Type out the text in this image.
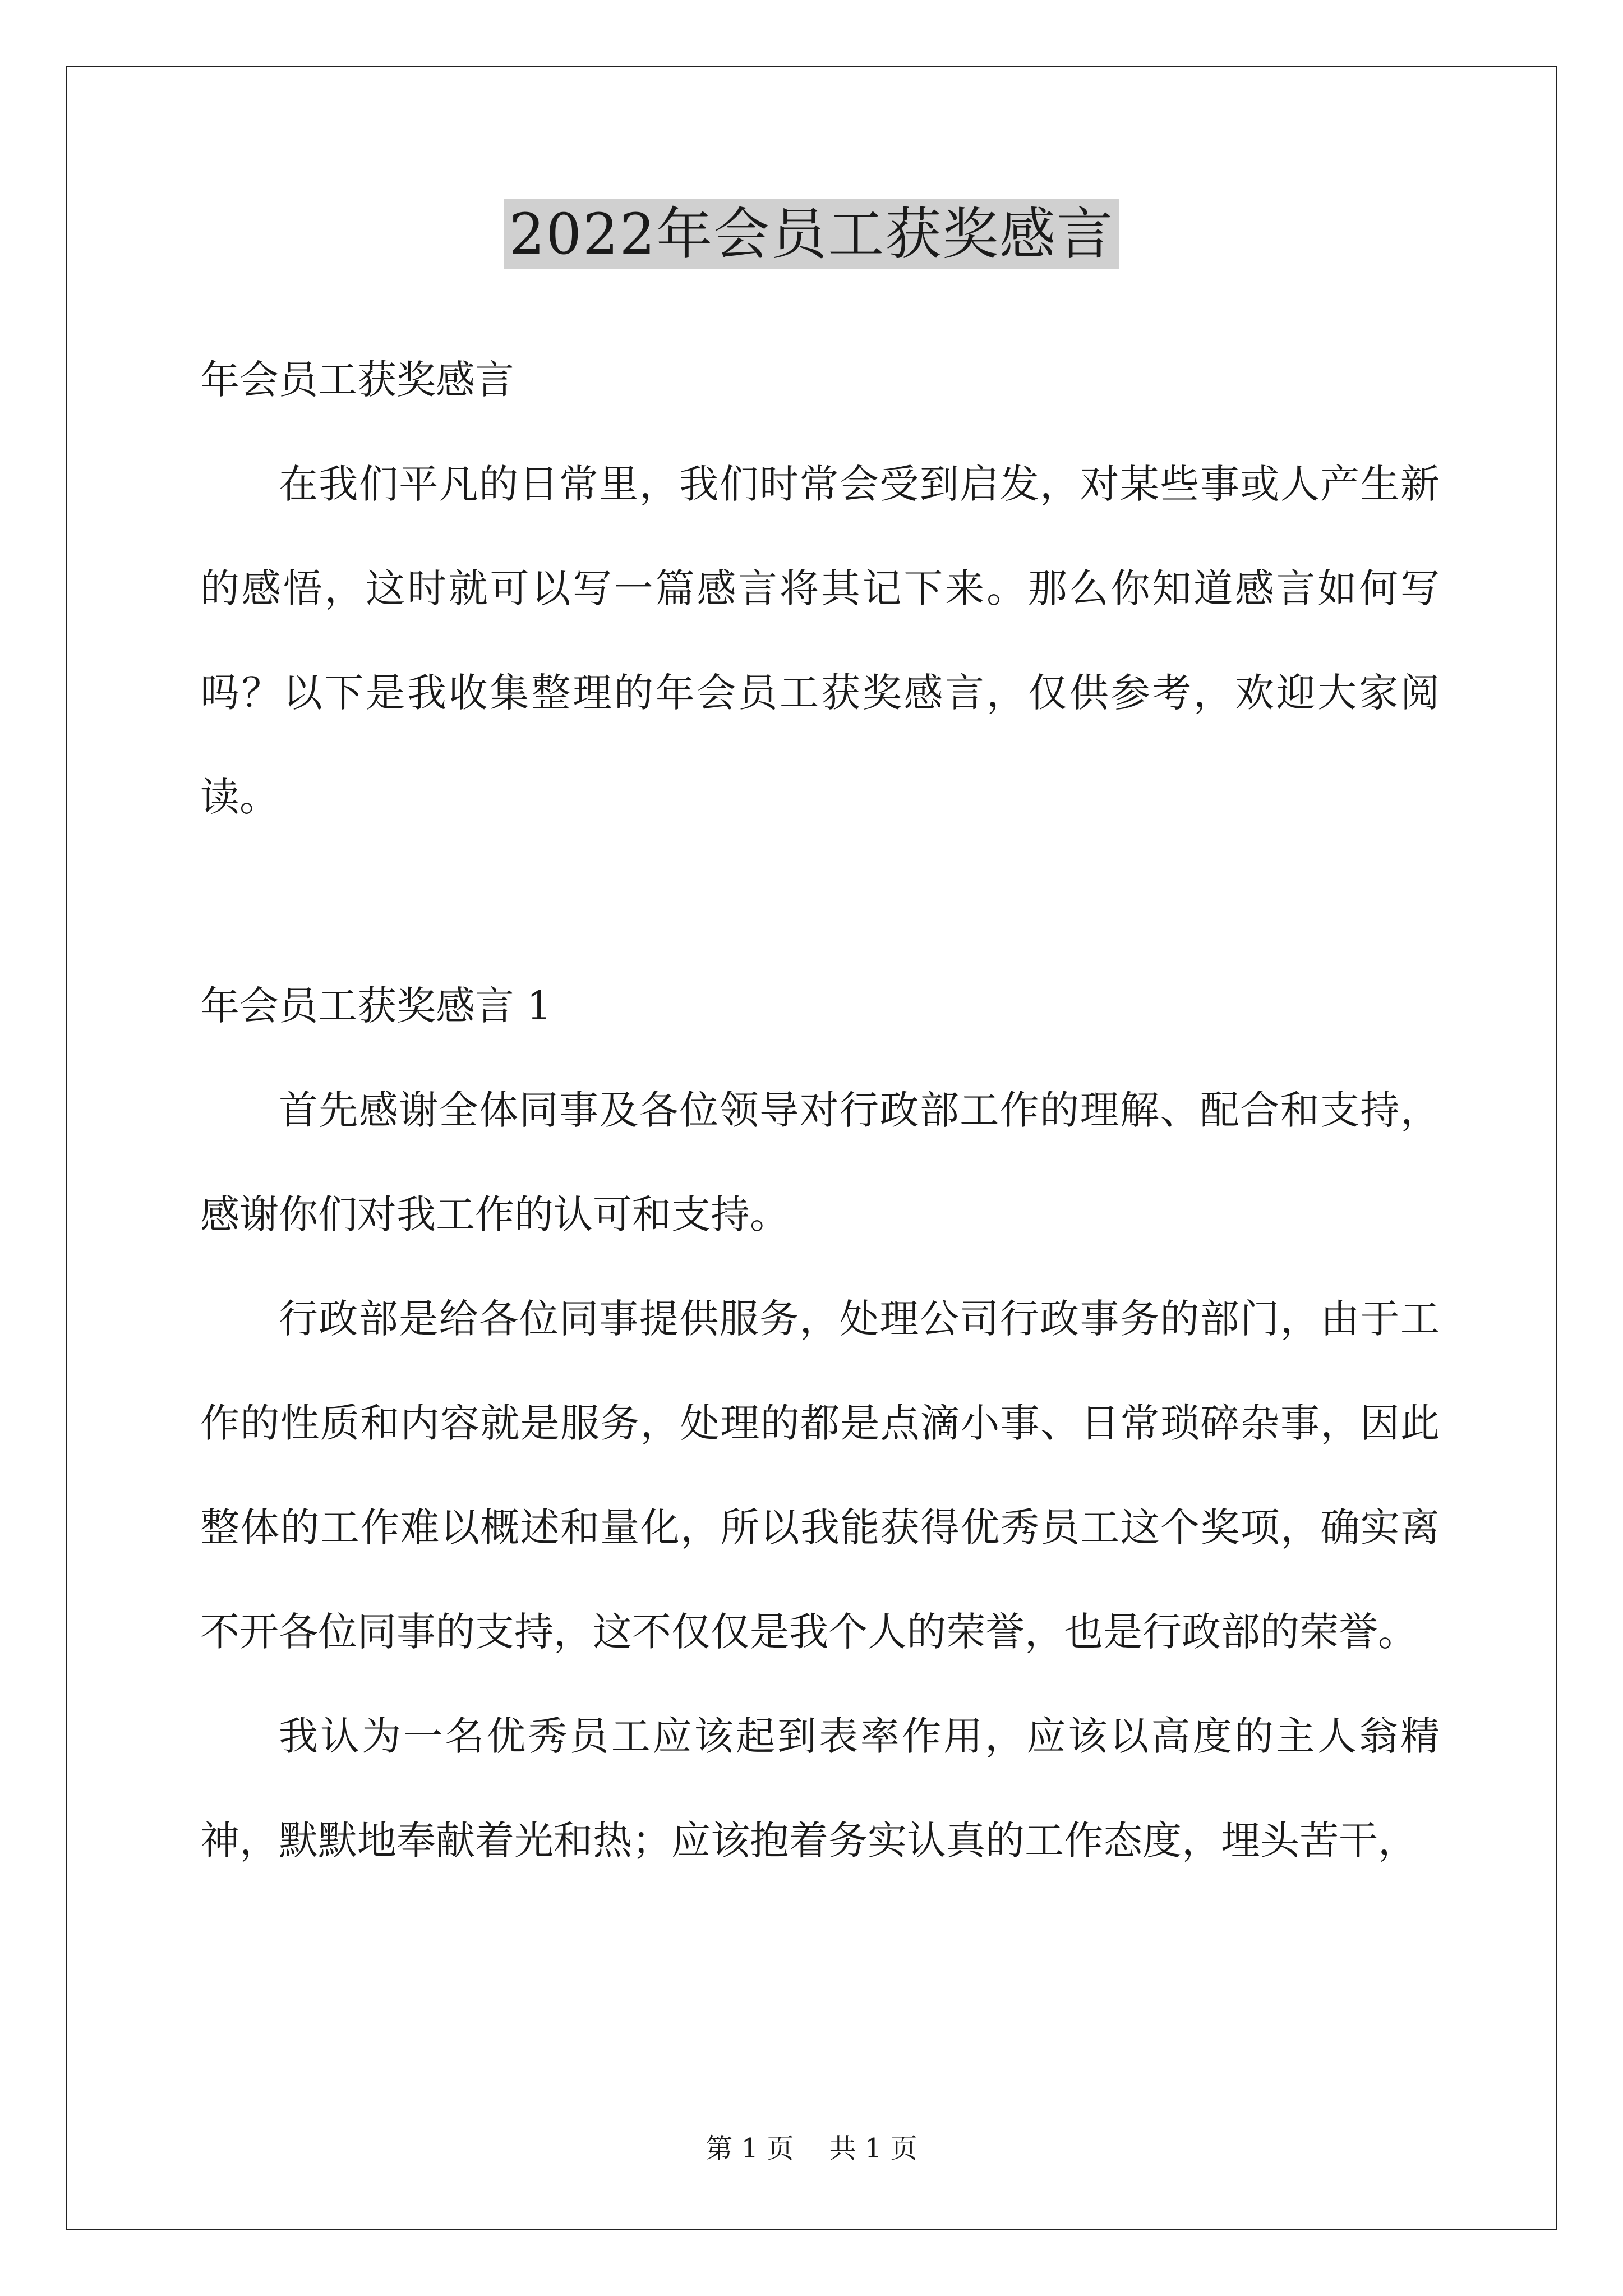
2022年会员工获奖感言

年会员工获奖感言

在我们平凡的日常里，我们时常会受到启发，对某些事或人产生新的感悟，这时就可以写一篇感言将其记下来。那么你知道感言如何写吗？以下是我收集整理的年会员工获奖感言，仅供参考，欢迎大家阅读。

年会员工获奖感言 1

首先感谢全体同事及各位领导对行政部工作的理解、配合和支持，感谢你们对我工作的认可和支持。

行政部是给各位同事提供服务，处理公司行政事务的部门，由于工作的性质和内容就是服务，处理的都是点滴小事、日常琐碎杂事，因此整体的工作难以概述和量化，所以我能获得优秀员工这个奖项，确实离不开各位同事的支持，这不仅仅是我个人的荣誉，也是行政部的荣誉。

我认为一名优秀员工应该起到表率作用，应该以高度的主人翁精神，默默地奉献着光和热；应该抱着务实认真的工作态度，埋头苦干，

第 1 页 共 1 页
